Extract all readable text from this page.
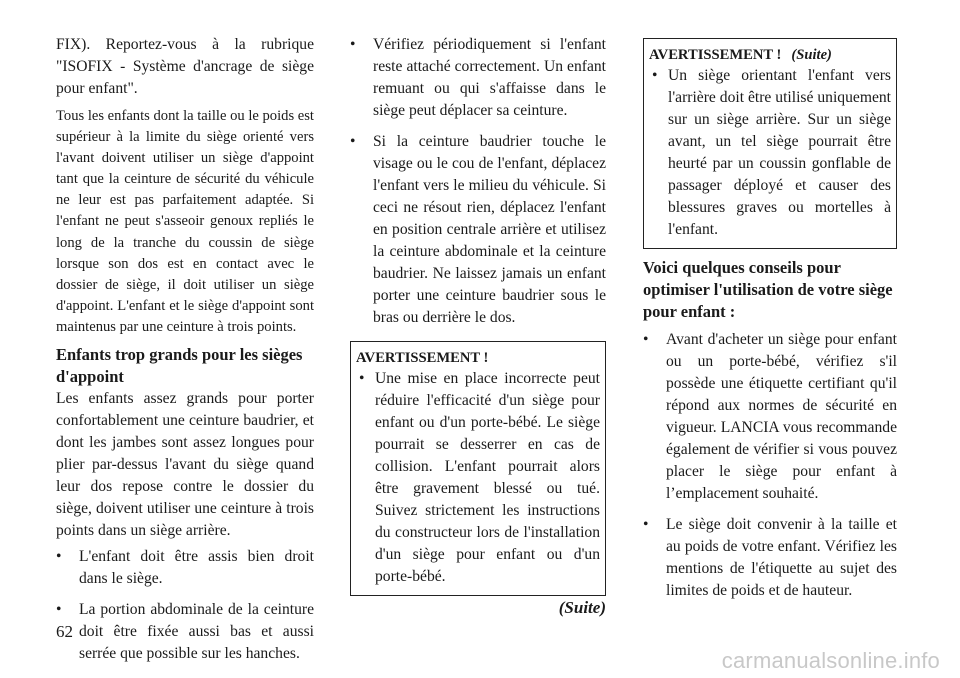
FIX). Reportez-vous à la rubrique "ISOFIX - Système d'ancrage de siège pour enfant".

Tous les enfants dont la taille ou le poids est supérieur à la limite du siège orienté vers l'avant doivent utiliser un siège d'appoint tant que la ceinture de sécurité du véhicule ne leur est pas parfaitement adaptée. Si l'enfant ne peut s'asseoir genoux repliés le long de la tranche du coussin de siège lorsque son dos est en contact avec le dossier de siège, il doit utiliser un siège d'appoint. L'enfant et le siège d'appoint sont maintenus par une ceinture à trois points.

Enfants trop grands pour les sièges d'appoint

Les enfants assez grands pour porter confortablement une ceinture baudrier, et dont les jambes sont assez longues pour plier par-dessus l'avant du siège quand leur dos repose contre le dossier du siège, doivent utiliser une ceinture à trois points dans un siège arrière.

• L'enfant doit être assis bien droit dans le siège.
• La portion abdominale de la ceinture doit être fixée aussi bas et aussi serrée que possible sur les hanches.
• Vérifiez périodiquement si l'enfant reste attaché correctement. Un enfant remuant ou qui s'affaisse dans le siège peut déplacer sa ceinture.
• Si la ceinture baudrier touche le visage ou le cou de l'enfant, déplacez l'enfant vers le milieu du véhicule. Si ceci ne résout rien, déplacez l'enfant en position centrale arrière et utilisez la ceinture abdominale et la ceinture baudrier. Ne laissez jamais un enfant porter une ceinture baudrier sous le bras ou derrière le dos.
AVERTISSEMENT !
• Une mise en place incorrecte peut réduire l'efficacité d'un siège pour enfant ou d'un porte-bébé. Le siège pourrait se desserrer en cas de collision. L'enfant pourrait alors être gravement blessé ou tué. Suivez strictement les instructions du constructeur lors de l'installation d'un siège pour enfant ou d'un porte-bébé.
(Suite)
AVERTISSEMENT ! (Suite)
• Un siège orientant l'enfant vers l'arrière doit être utilisé uniquement sur un siège arrière. Sur un siège avant, un tel siège pourrait être heurté par un coussin gonflable de passager déployé et causer des blessures graves ou mortelles à l'enfant.
Voici quelques conseils pour optimiser l'utilisation de votre siège pour enfant :
• Avant d'acheter un siège pour enfant ou un porte-bébé, vérifiez s'il possède une étiquette certifiant qu'il répond aux normes de sécurité en vigueur. LANCIA vous recommande également de vérifier si vous pouvez placer le siège pour enfant à l’emplacement souhaité.
• Le siège doit convenir à la taille et au poids de votre enfant. Vérifiez les mentions de l'étiquette au sujet des limites de poids et de hauteur.
62
carmanualsonline.info
